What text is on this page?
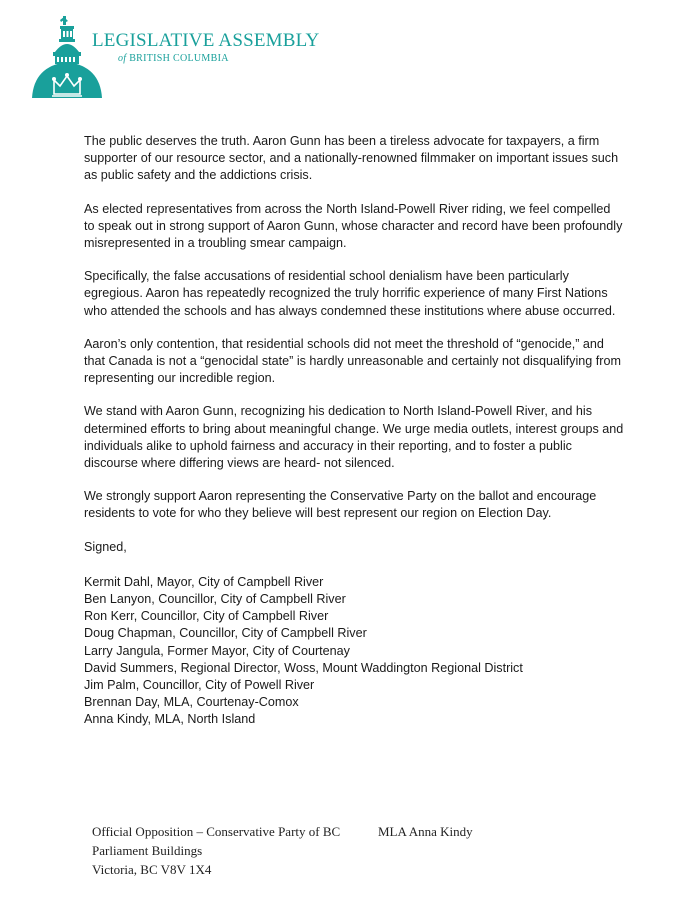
LEGISLATIVE ASSEMBLY
of BRITISH COLUMBIA

The public deserves the truth. Aaron Gunn has been a tireless advocate for taxpayers, a firm supporter of our resource sector, and a nationally-renowned filmmaker on important issues such as public safety and the addictions crisis.

As elected representatives from across the North Island-Powell River riding, we feel compelled to speak out in strong support of Aaron Gunn, whose character and record have been profoundly misrepresented in a troubling smear campaign.

Specifically, the false accusations of residential school denialism have been particularly egregious. Aaron has repeatedly recognized the truly horrific experience of many First Nations who attended the schools and has always condemned these institutions where abuse occurred.

Aaron’s only contention, that residential schools did not meet the threshold of “genocide,” and that Canada is not a “genocidal state” is hardly unreasonable and certainly not disqualifying from representing our incredible region.

We stand with Aaron Gunn, recognizing his dedication to North Island-Powell River, and his determined efforts to bring about meaningful change. We urge media outlets, interest groups and individuals alike to uphold fairness and accuracy in their reporting, and to foster a public discourse where differing views are heard- not silenced.

We strongly support Aaron representing the Conservative Party on the ballot and encourage residents to vote for who they believe will best represent our region on Election Day.

Signed,
Kermit Dahl, Mayor, City of Campbell River
Ben Lanyon, Councillor, City of Campbell River
Ron Kerr, Councillor, City of Campbell River
Doug Chapman, Councillor, City of Campbell River
Larry Jangula, Former Mayor, City of Courtenay
David Summers, Regional Director, Woss, Mount Waddington Regional District
Jim Palm, Councillor, City of Powell River
Brennan Day, MLA, Courtenay-Comox
Anna Kindy, MLA, North Island
Official Opposition – Conservative Party of BC	MLA Anna Kindy
Parliament Buildings
Victoria, BC V8V 1X4
